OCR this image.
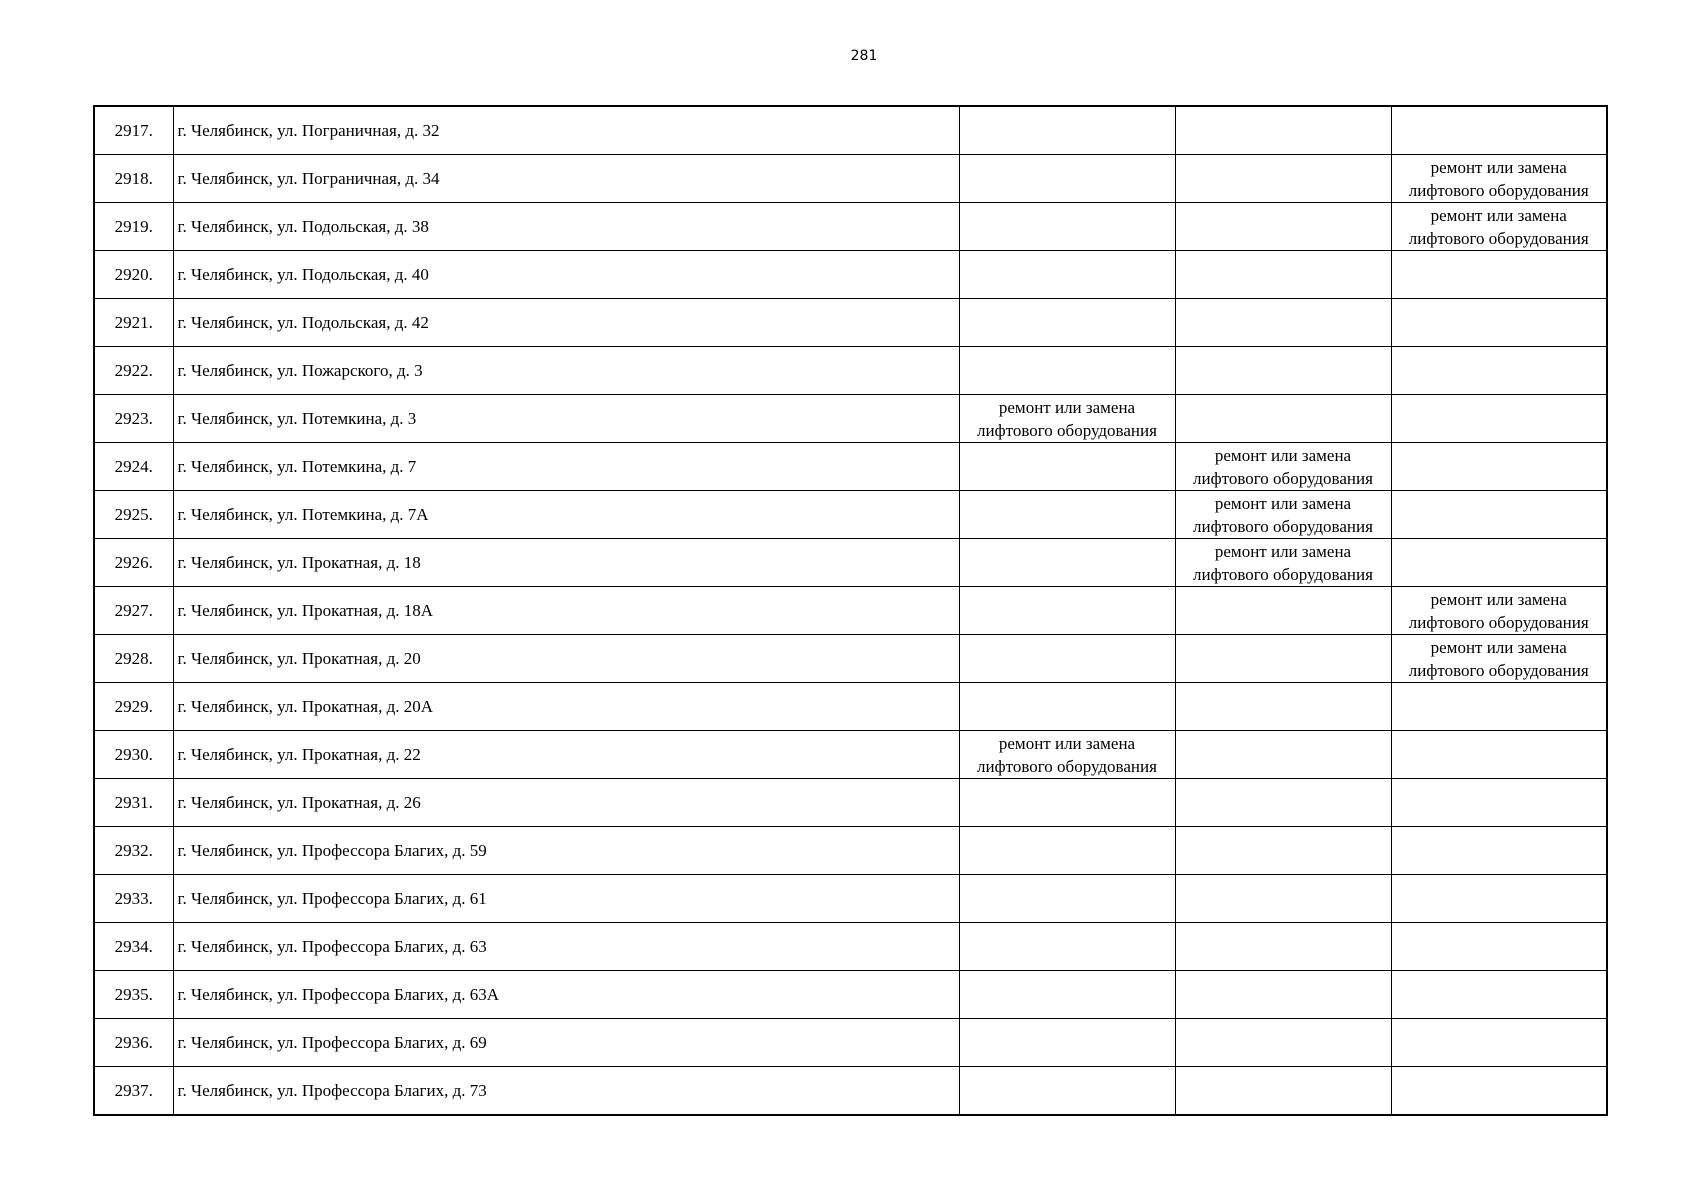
281
2917.	г. Челябинск, ул. Пограничная, д. 32			
2918.	г. Челябинск, ул. Пограничная, д. 34			ремонт или замена лифтового оборудования

2919.	г. Челябинск, ул. Подольская, д. 38			ремонт или замена лифтового оборудования

2920.	г. Челябинск, ул. Подольская, д. 40			
2921.	г. Челябинск, ул. Подольская, д. 42			
2922.	г. Челябинск, ул. Пожарского, д. 3			
2923.	г. Челябинск, ул. Потемкина, д. 3	ремонт или замена лифтового оборудования		

2924.	г. Челябинск, ул. Потемкина, д. 7		ремонт или замена лифтового оборудования	

2925.	г. Челябинск, ул. Потемкина, д. 7А		ремонт или замена лифтового оборудования	

2926.	г. Челябинск, ул. Прокатная, д. 18		ремонт или замена лифтового оборудования	

2927.	г. Челябинск, ул. Прокатная, д. 18А			ремонт или замена лифтового оборудования

2928.	г. Челябинск, ул. Прокатная, д. 20			ремонт или замена лифтового оборудования

2929.	г. Челябинск, ул. Прокатная, д. 20А			
2930.	г. Челябинск, ул. Прокатная, д. 22	ремонт или замена лифтового оборудования		

2931.	г. Челябинск, ул. Прокатная, д. 26			
2932.	г. Челябинск, ул. Профессора Благих, д. 59			
2933.	г. Челябинск, ул. Профессора Благих, д. 61			
2934.	г. Челябинск, ул. Профессора Благих, д. 63			
2935.	г. Челябинск, ул. Профессора Благих, д. 63А			
2936.	г. Челябинск, ул. Профессора Благих, д. 69			
2937.	г. Челябинск, ул. Профессора Благих, д. 73			
